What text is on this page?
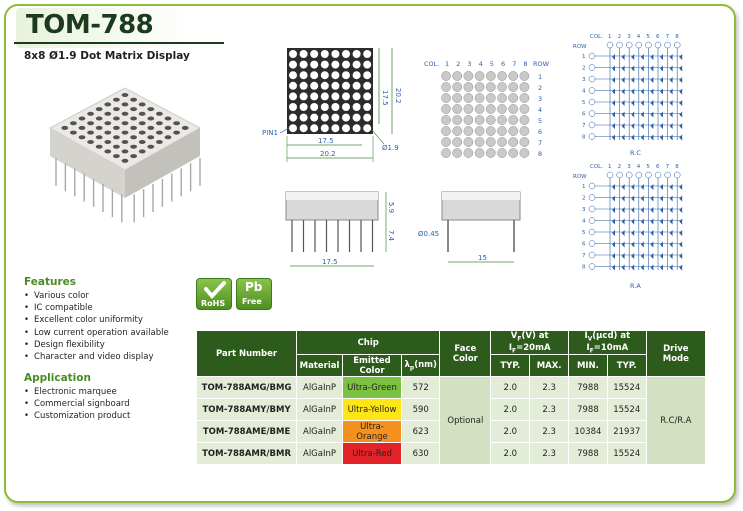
TOM-788
8x8 Ø1.9 Dot Matrix Display
Features
• Various color
• IC compatible
• Excellent color uniformity
• Low current operation available
• Design flexibility
• Character and video display
Application
• Electronic marquee
• Commercial signboard
• Customization product
RoHS
Pb
Free
17.5 20.2
17.5
20.2
PIN1
Ø1.9
5.9
7.4
17.5
Ø0.45
15
COL.	ROW
1 2 3 4 5 6 7 8
1
2
3
4
5
6
7
8
COL.
ROW
1 2 3 4 5 6 7 8
1
2
3
4
5
6
7
8
R.C
COL.
ROW
1 2 3 4 5 6 7 8
1
2
3
4
5
6
7
8
R.A
Part Number	Chip			Face Color	$V_F(V)$ at $I_F=20mA$		$I_V(\mu cd)$ at $I_F=10mA$		Drive Mode
	Material	Emitted Color	$\lambda_p(nm)$		TYP.	MAX.	MIN.	TYP.	
TOM-788AMG/BMG	AlGaInP	Ultra-Green	572	Optional	2.0	2.3	7988	15524	R.C/R.A
TOM-788AMY/BMY	AlGaInP	Ultra-Yellow	590		2.0	2.3	7988	15524	
TOM-788AME/BME	AlGaInP	Ultra-Orange	623		2.0	2.3	10384	21937	
TOM-788AMR/BMR	AlGaInP	Ultra-Red	630		2.0	2.3	7988	15524	
